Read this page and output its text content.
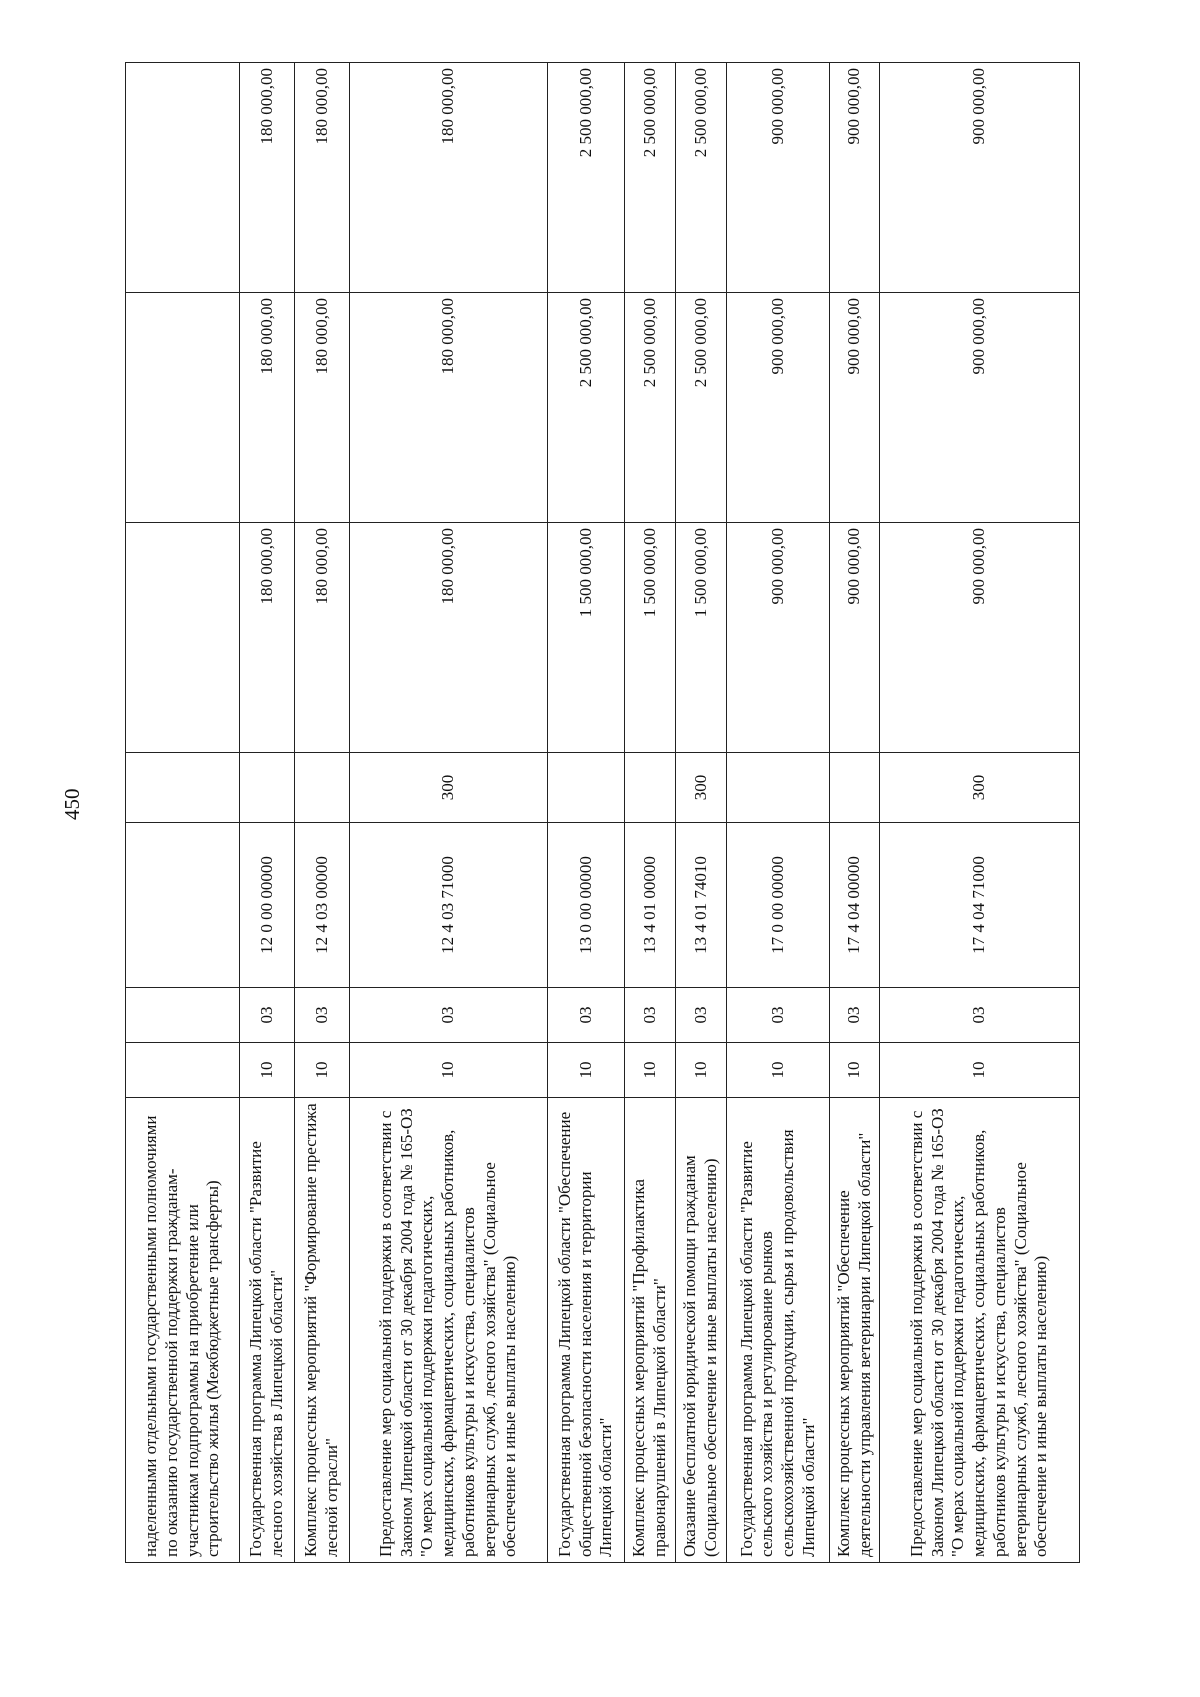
450
наделенными отдельными государственными полномочиями по оказанию государственной поддержки гражданам-участникам подпрограммы на приобретение или строительство жилья (Межбюджетные трансферты)							
Государственная программа Липецкой области "Развитие лесного хозяйства в Липецкой области"	10	03	12 0 00 00000		180 000,00	180 000,00	180 000,00
Комплекс процессных мероприятий "Формирование престижа лесной отрасли"	10	03	12 4 03 00000		180 000,00	180 000,00	180 000,00
Предоставление мер социальной поддержки в соответствии с Законом Липецкой области от 30 декабря 2004 года № 165-ОЗ "О мерах социальной поддержки педагогических, медицинских, фармацевтических, социальных работников, работников культуры и искусства, специалистов ветеринарных служб, лесного хозяйства" (Социальное обеспечение и иные выплаты населению)	10	03	12 4 03 71000	300	180 000,00	180 000,00	180 000,00
Государственная программа Липецкой области "Обеспечение общественной безопасности населения и территории Липецкой области"	10	03	13 0 00 00000		1 500 000,00	2 500 000,00	2 500 000,00
Комплекс процессных мероприятий "Профилактика правонарушений в Липецкой области"	10	03	13 4 01 00000		1 500 000,00	2 500 000,00	2 500 000,00
Оказание бесплатной юридической помощи гражданам (Социальное обеспечение и иные выплаты населению)	10	03	13 4 01 74010	300	1 500 000,00	2 500 000,00	2 500 000,00
Государственная программа Липецкой области "Развитие сельского хозяйства и регулирование рынков сельскохозяйственной продукции, сырья и продовольствия Липецкой области"	10	03	17 0 00 00000		900 000,00	900 000,00	900 000,00
Комплекс процессных мероприятий "Обеспечение деятельности управления ветеринарии Липецкой области"	10	03	17 4 04 00000		900 000,00	900 000,00	900 000,00
Предоставление мер социальной поддержки в соответствии с Законом Липецкой области от 30 декабря 2004 года № 165-ОЗ "О мерах социальной поддержки педагогических, медицинских, фармацевтических, социальных работников, работников культуры и искусства, специалистов ветеринарных служб, лесного хозяйства" (Социальное обеспечение и иные выплаты населению)	10	03	17 4 04 71000	300	900 000,00	900 000,00	900 000,00
